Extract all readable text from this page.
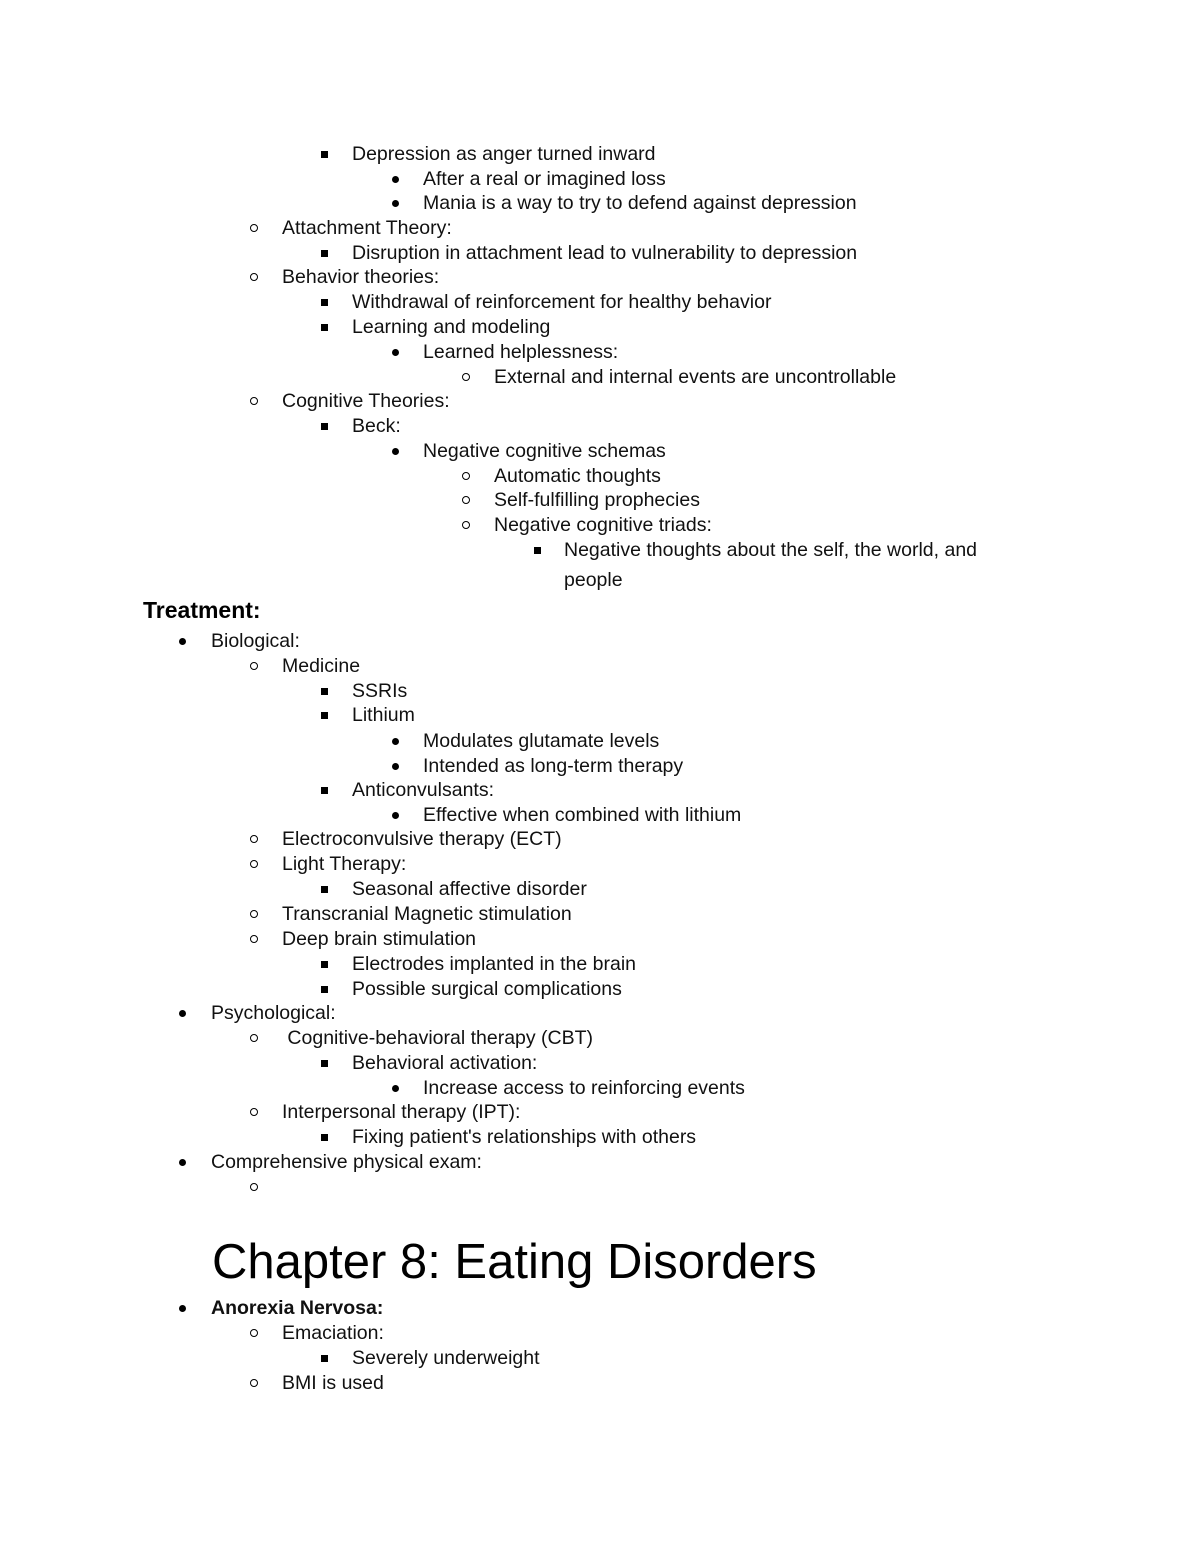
Depression as anger turned inward
After a real or imagined loss
Mania is a way to try to defend against depression
Attachment Theory:
Disruption in attachment lead to vulnerability to depression
Behavior theories:
Withdrawal of reinforcement for healthy behavior
Learning and modeling
Learned helplessness:
External and internal events are uncontrollable
Cognitive Theories:
Beck:
Negative cognitive schemas
Automatic thoughts
Self-fulfilling prophecies
Negative cognitive triads:
Negative thoughts about the self, the world, and
people
Treatment:
Biological:
Medicine
SSRIs
Lithium
Modulates glutamate levels
Intended as long-term therapy
Anticonvulsants:
Effective when combined with lithium
Electroconvulsive therapy (ECT)
Light Therapy:
Seasonal affective disorder
Transcranial Magnetic stimulation
Deep brain stimulation
Electrodes implanted in the brain
Possible surgical complications
Psychological:
Cognitive-behavioral therapy (CBT)
Behavioral activation:
Increase access to reinforcing events
Interpersonal therapy (IPT):
Fixing patient's relationships with others
Comprehensive physical exam:
Chapter 8: Eating Disorders
Anorexia Nervosa:
Emaciation:
Severely underweight
BMI is used
